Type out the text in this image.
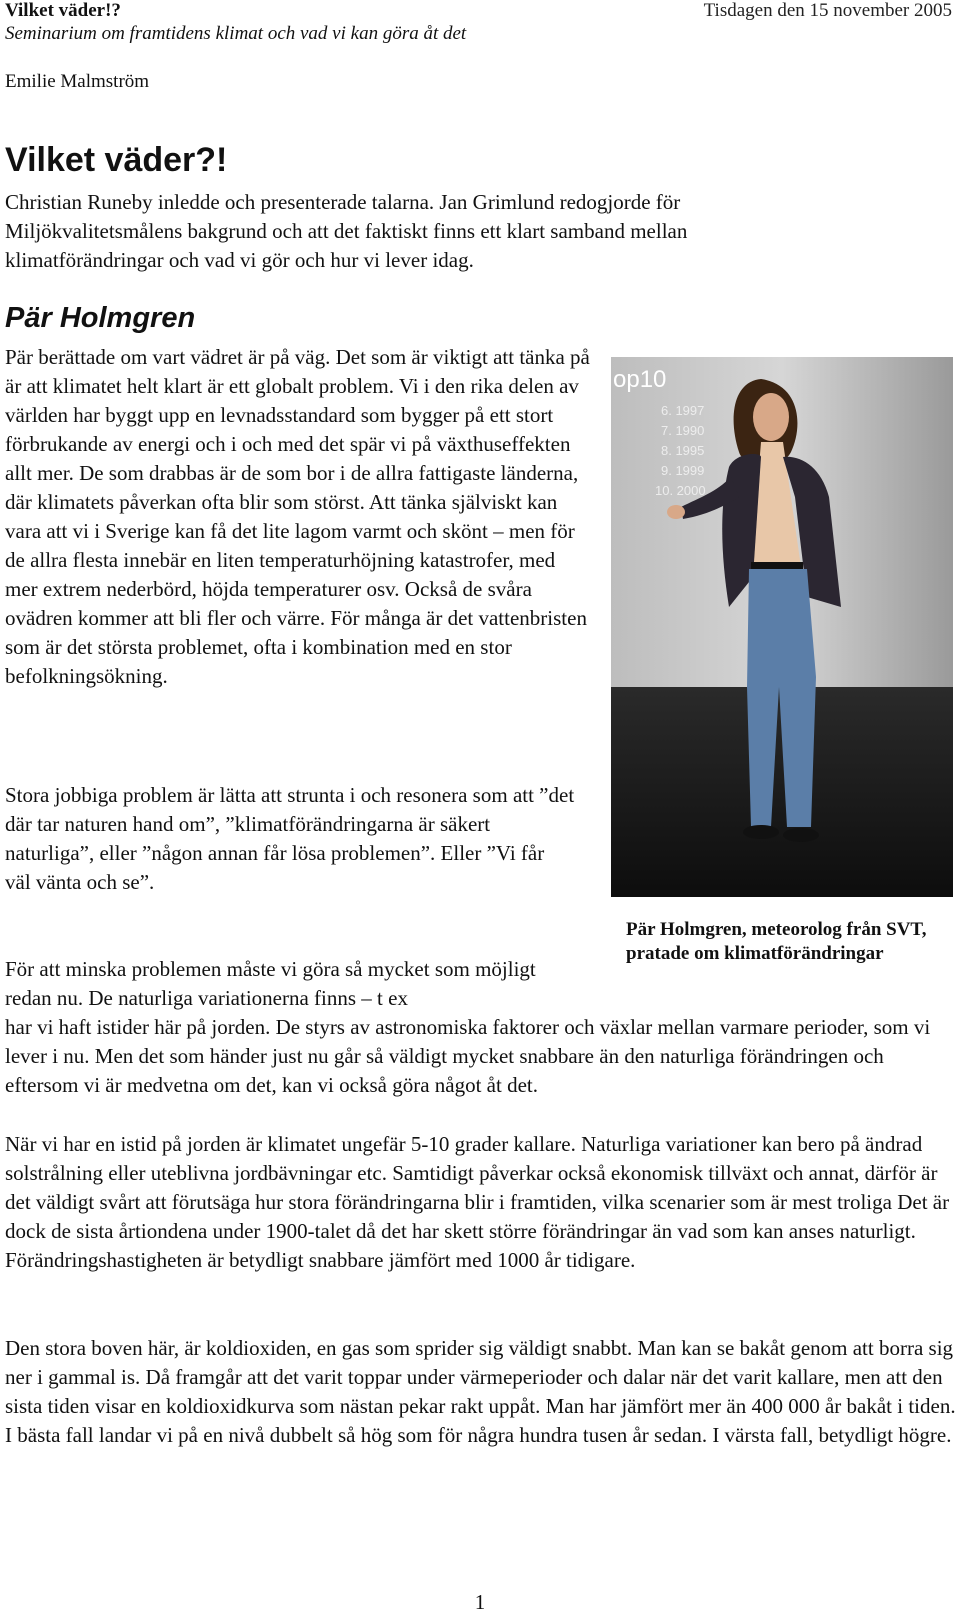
Vilket väder!?	Tisdagen den 15 november 2005
Seminarium om framtidens klimat och vad vi kan göra åt det
Emilie Malmström
Vilket väder?!
Christian Runeby inledde och presenterade talarna. Jan Grimlund redogjorde för Miljökvalitetsmålens bakgrund och att det faktiskt finns ett klart samband mellan klimatförändringar och vad vi gör och hur vi lever idag.
Pär Holmgren
Pär berättade om vart vädret är på väg. Det som är viktigt att tänka på är att klimatet helt klart är ett globalt problem. Vi i den rika delen av världen har byggt upp en levnadsstandard som bygger på ett stort förbrukande av energi och i och med det spär vi på växthuseffekten allt mer. De som drabbas är de som bor i de allra fattigaste länderna, där klimatets påverkan ofta blir som störst. Att tänka själviskt kan vara att vi i Sverige kan få det lite lagom varmt och skönt – men för de allra flesta innebär en liten temperaturhöjning katastrofer, med mer extrem nederbörd, höjda temperaturer osv. Också de svåra ovädren kommer att bli fler och värre. För många är det vattenbristen som är det största problemet, ofta i kombination med en stor befolkningsökning.
Stora jobbiga problem är lätta att strunta i och resonera som att ”det där tar naturen hand om”, ”klimatförändringarna är säkert naturliga”, eller ”någon annan får lösa problemen”. Eller ”Vi får väl vänta och se”.
För att minska problemen måste vi göra så mycket som möjligt redan nu. De naturliga variationerna finns – t ex
har vi haft istider här på jorden. De styrs av astronomiska faktorer och växlar mellan varmare perioder, som vi lever i nu. Men det som händer just nu går så väldigt mycket snabbare än den naturliga förändringen och eftersom vi är medvetna om det, kan vi också göra något åt det.
När vi har en istid på jorden är klimatet ungefär 5-10 grader kallare. Naturliga variationer kan bero på ändrad solstrålning eller uteblivna jordbävningar etc. Samtidigt påverkar också ekonomisk tillväxt och annat, därför är det väldigt svårt att förutsäga hur stora förändringarna blir i framtiden, vilka scenarier som är mest troliga Det är dock de sista årtiondena under 1900-talet då det har skett större förändringar än vad som kan anses naturligt. Förändringshastigheten är betydligt snabbare jämfört med 1000 år tidigare.
Den stora boven här, är koldioxiden, en gas som sprider sig väldigt snabbt. Man kan se bakåt genom att borra sig ner i gammal is. Då framgår att det varit toppar under värmeperioder och dalar när det varit kallare, men att den sista tiden visar en koldioxidkurva som nästan pekar rakt uppåt. Man har jämfört mer än 400 000 år bakåt i tiden. I bästa fall landar vi på en nivå dubbelt så hög som för några hundra tusen år sedan. I värsta fall, betydligt högre.
op10
6. 1997
7. 1990
8. 1995
9. 1999
10. 2000
Pär Holmgren, meteorolog från SVT, pratade om klimatförändringar
1
